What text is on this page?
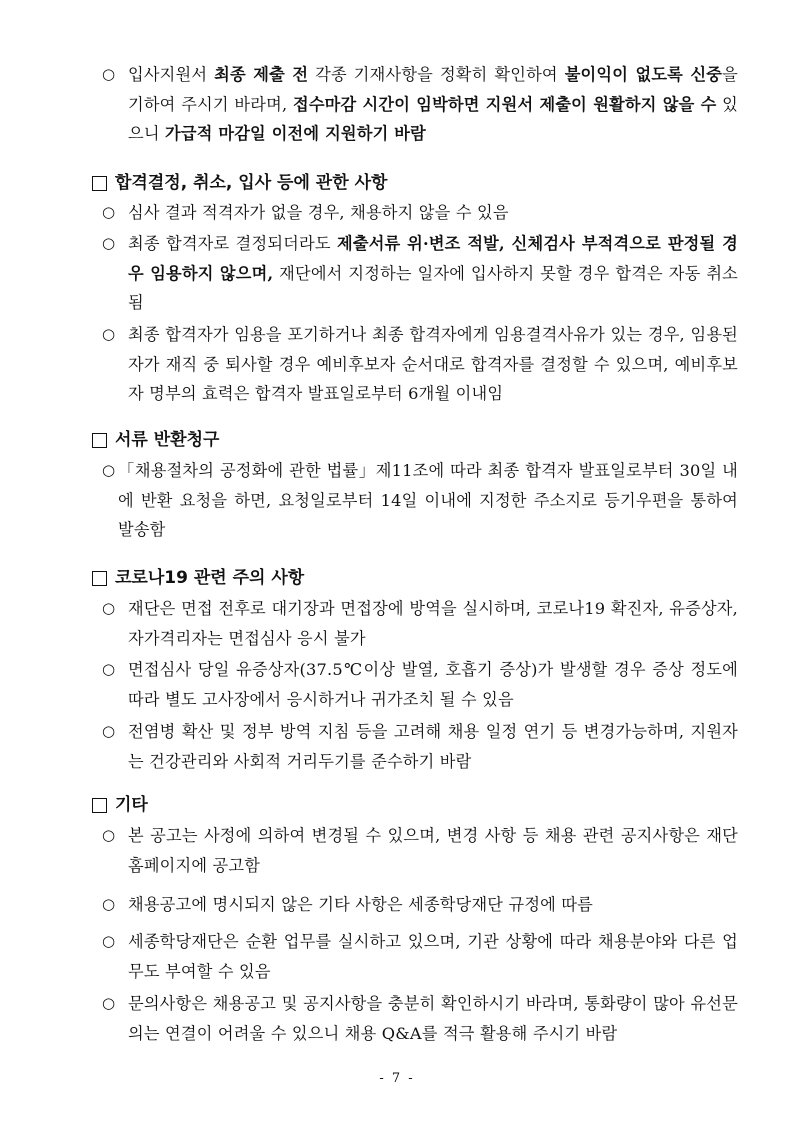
○ 입사지원서 최종 제출 전 각종 기재사항을 정확히 확인하여 불이익이 없도록 신중을 기하여 주시기 바라며, 접수마감 시간이 임박하면 지원서 제출이 원활하지 않을 수 있으니 가급적 마감일 이전에 지원하기 바람
합격결정, 취소, 입사 등에 관한 사항
○ 심사 결과 적격자가 없을 경우, 채용하지 않을 수 있음
○ 최종 합격자로 결정되더라도 제출서류 위·변조 적발, 신체검사 부적격으로 판정될 경우 임용하지 않으며, 재단에서 지정하는 일자에 입사하지 못할 경우 합격은 자동 취소됨
○ 최종 합격자가 임용을 포기하거나 최종 합격자에게 임용결격사유가 있는 경우, 임용된 자가 재직 중 퇴사할 경우 예비후보자 순서대로 합격자를 결정할 수 있으며, 예비후보자 명부의 효력은 합격자 발표일로부터 6개월 이내임
서류 반환청구
○ 「채용절차의 공정화에 관한 법률」제11조에 따라 최종 합격자 발표일로부터 30일 내에 반환 요청을 하면, 요청일로부터 14일 이내에 지정한 주소지로 등기우편을 통하여 발송함
코로나19 관련 주의 사항
○ 재단은 면접 전후로 대기장과 면접장에 방역을 실시하며, 코로나19 확진자, 유증상자, 자가격리자는 면접심사 응시 불가
○ 면접심사 당일 유증상자(37.5℃이상 발열, 호흡기 증상)가 발생할 경우 증상 정도에 따라 별도 고사장에서 응시하거나 귀가조치 될 수 있음
○ 전염병 확산 및 정부 방역 지침 등을 고려해 채용 일정 연기 등 변경가능하며, 지원자는 건강관리와 사회적 거리두기를 준수하기 바람
기타
○ 본 공고는 사정에 의하여 변경될 수 있으며, 변경 사항 등 채용 관련 공지사항은 재단 홈페이지에 공고함
○ 채용공고에 명시되지 않은 기타 사항은 세종학당재단 규정에 따름
○ 세종학당재단은 순환 업무를 실시하고 있으며, 기관 상황에 따라 채용분야와 다른 업무도 부여할 수 있음
○ 문의사항은 채용공고 및 공지사항을 충분히 확인하시기 바라며, 통화량이 많아 유선문의는 연결이 어려울 수 있으니 채용 Q&A를 적극 활용해 주시기 바람
- 7 -
